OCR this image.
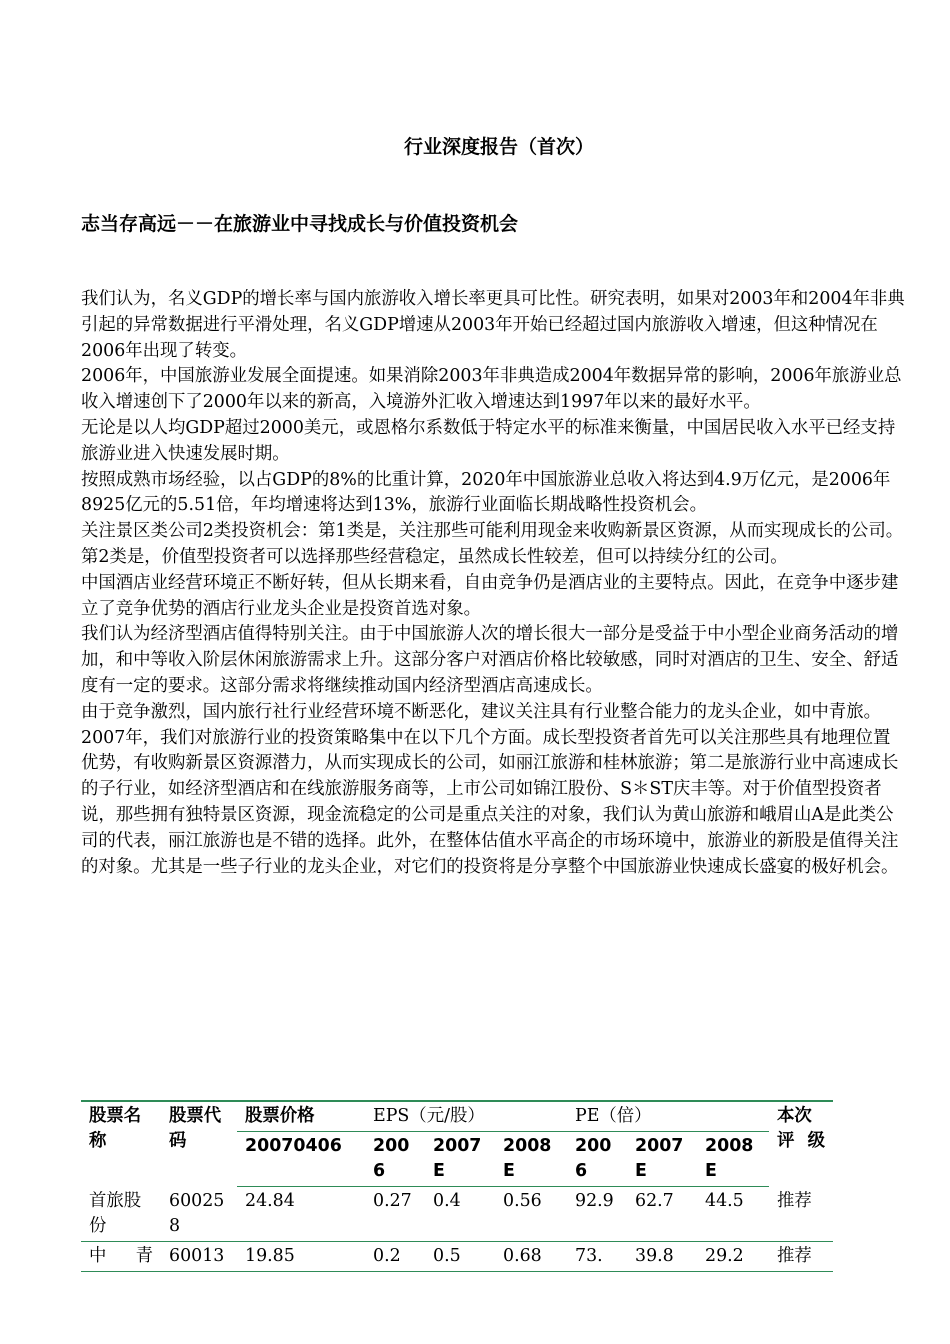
行业深度报告（首次）
志当存高远－－在旅游业中寻找成长与价值投资机会

我们认为，名义GDP的增长率与国内旅游收入增长率更具可比性。研究表明，如果对2003年和2004年非典引起的异常数据进行平滑处理，名义GDP增速从2003年开始已经超过国内旅游收入增速，但这种情况在2006年出现了转变。

2006年，中国旅游业发展全面提速。如果消除2003年非典造成2004年数据异常的影响，2006年旅游业总收入增速创下了2000年以来的新高，入境游外汇收入增速达到1997年以来的最好水平。

无论是以人均GDP超过2000美元，或恩格尔系数低于特定水平的标准来衡量，中国居民收入水平已经支持旅游业进入快速发展时期。

按照成熟市场经验，以占GDP的8%的比重计算，2020年中国旅游业总收入将达到4.9万亿元，是2006年8925亿元的5.51倍，年均增速将达到13%，旅游行业面临长期战略性投资机会。

关注景区类公司2类投资机会：第1类是，关注那些可能利用现金来收购新景区资源，从而实现成长的公司。第2类是，价值型投资者可以选择那些经营稳定，虽然成长性较差，但可以持续分红的公司。

中国酒店业经营环境正不断好转，但从长期来看，自由竞争仍是酒店业的主要特点。因此，在竞争中逐步建立了竞争优势的酒店行业龙头企业是投资首选对象。

我们认为经济型酒店值得特别关注。由于中国旅游人次的增长很大一部分是受益于中小型企业商务活动的增加，和中等收入阶层休闲旅游需求上升。这部分客户对酒店价格比较敏感，同时对酒店的卫生、安全、舒适度有一定的要求。这部分需求将继续推动国内经济型酒店高速成长。

由于竞争激烈，国内旅行社行业经营环境不断恶化，建议关注具有行业整合能力的龙头企业，如中青旅。

2007年，我们对旅游行业的投资策略集中在以下几个方面。成长型投资者首先可以关注那些具有地理位置优势，有收购新景区资源潜力，从而实现成长的公司，如丽江旅游和桂林旅游；第二是旅游行业中高速成长的子行业，如经济型酒店和在线旅游服务商等，上市公司如锦江股份、S＊ST庆丰等。对于价值型投资者说，那些拥有独特景区资源，现金流稳定的公司是重点关注的对象，我们认为黄山旅游和峨眉山A是此类公司的代表，丽江旅游也是不错的选择。此外，在整体估值水平高企的市场环境中，旅游业的新股是值得关注的对象。尤其是一些子行业的龙头企业，对它们的投资将是分享整个中国旅游业快速成长盛宴的极好机会。

股票名称	股票代码	股票价格	EPS（元/股）			PE（倍）			本次评级
		20070406	2006	2007E	2008E	2006	2007E	2008E	
首旅股份	600258	24.84	0.27	0.4	0.56	92.9	62.7	44.5	推荐
中青	60013	19.85	0.2	0.5	0.68	73.	39.8	29.2	推荐
